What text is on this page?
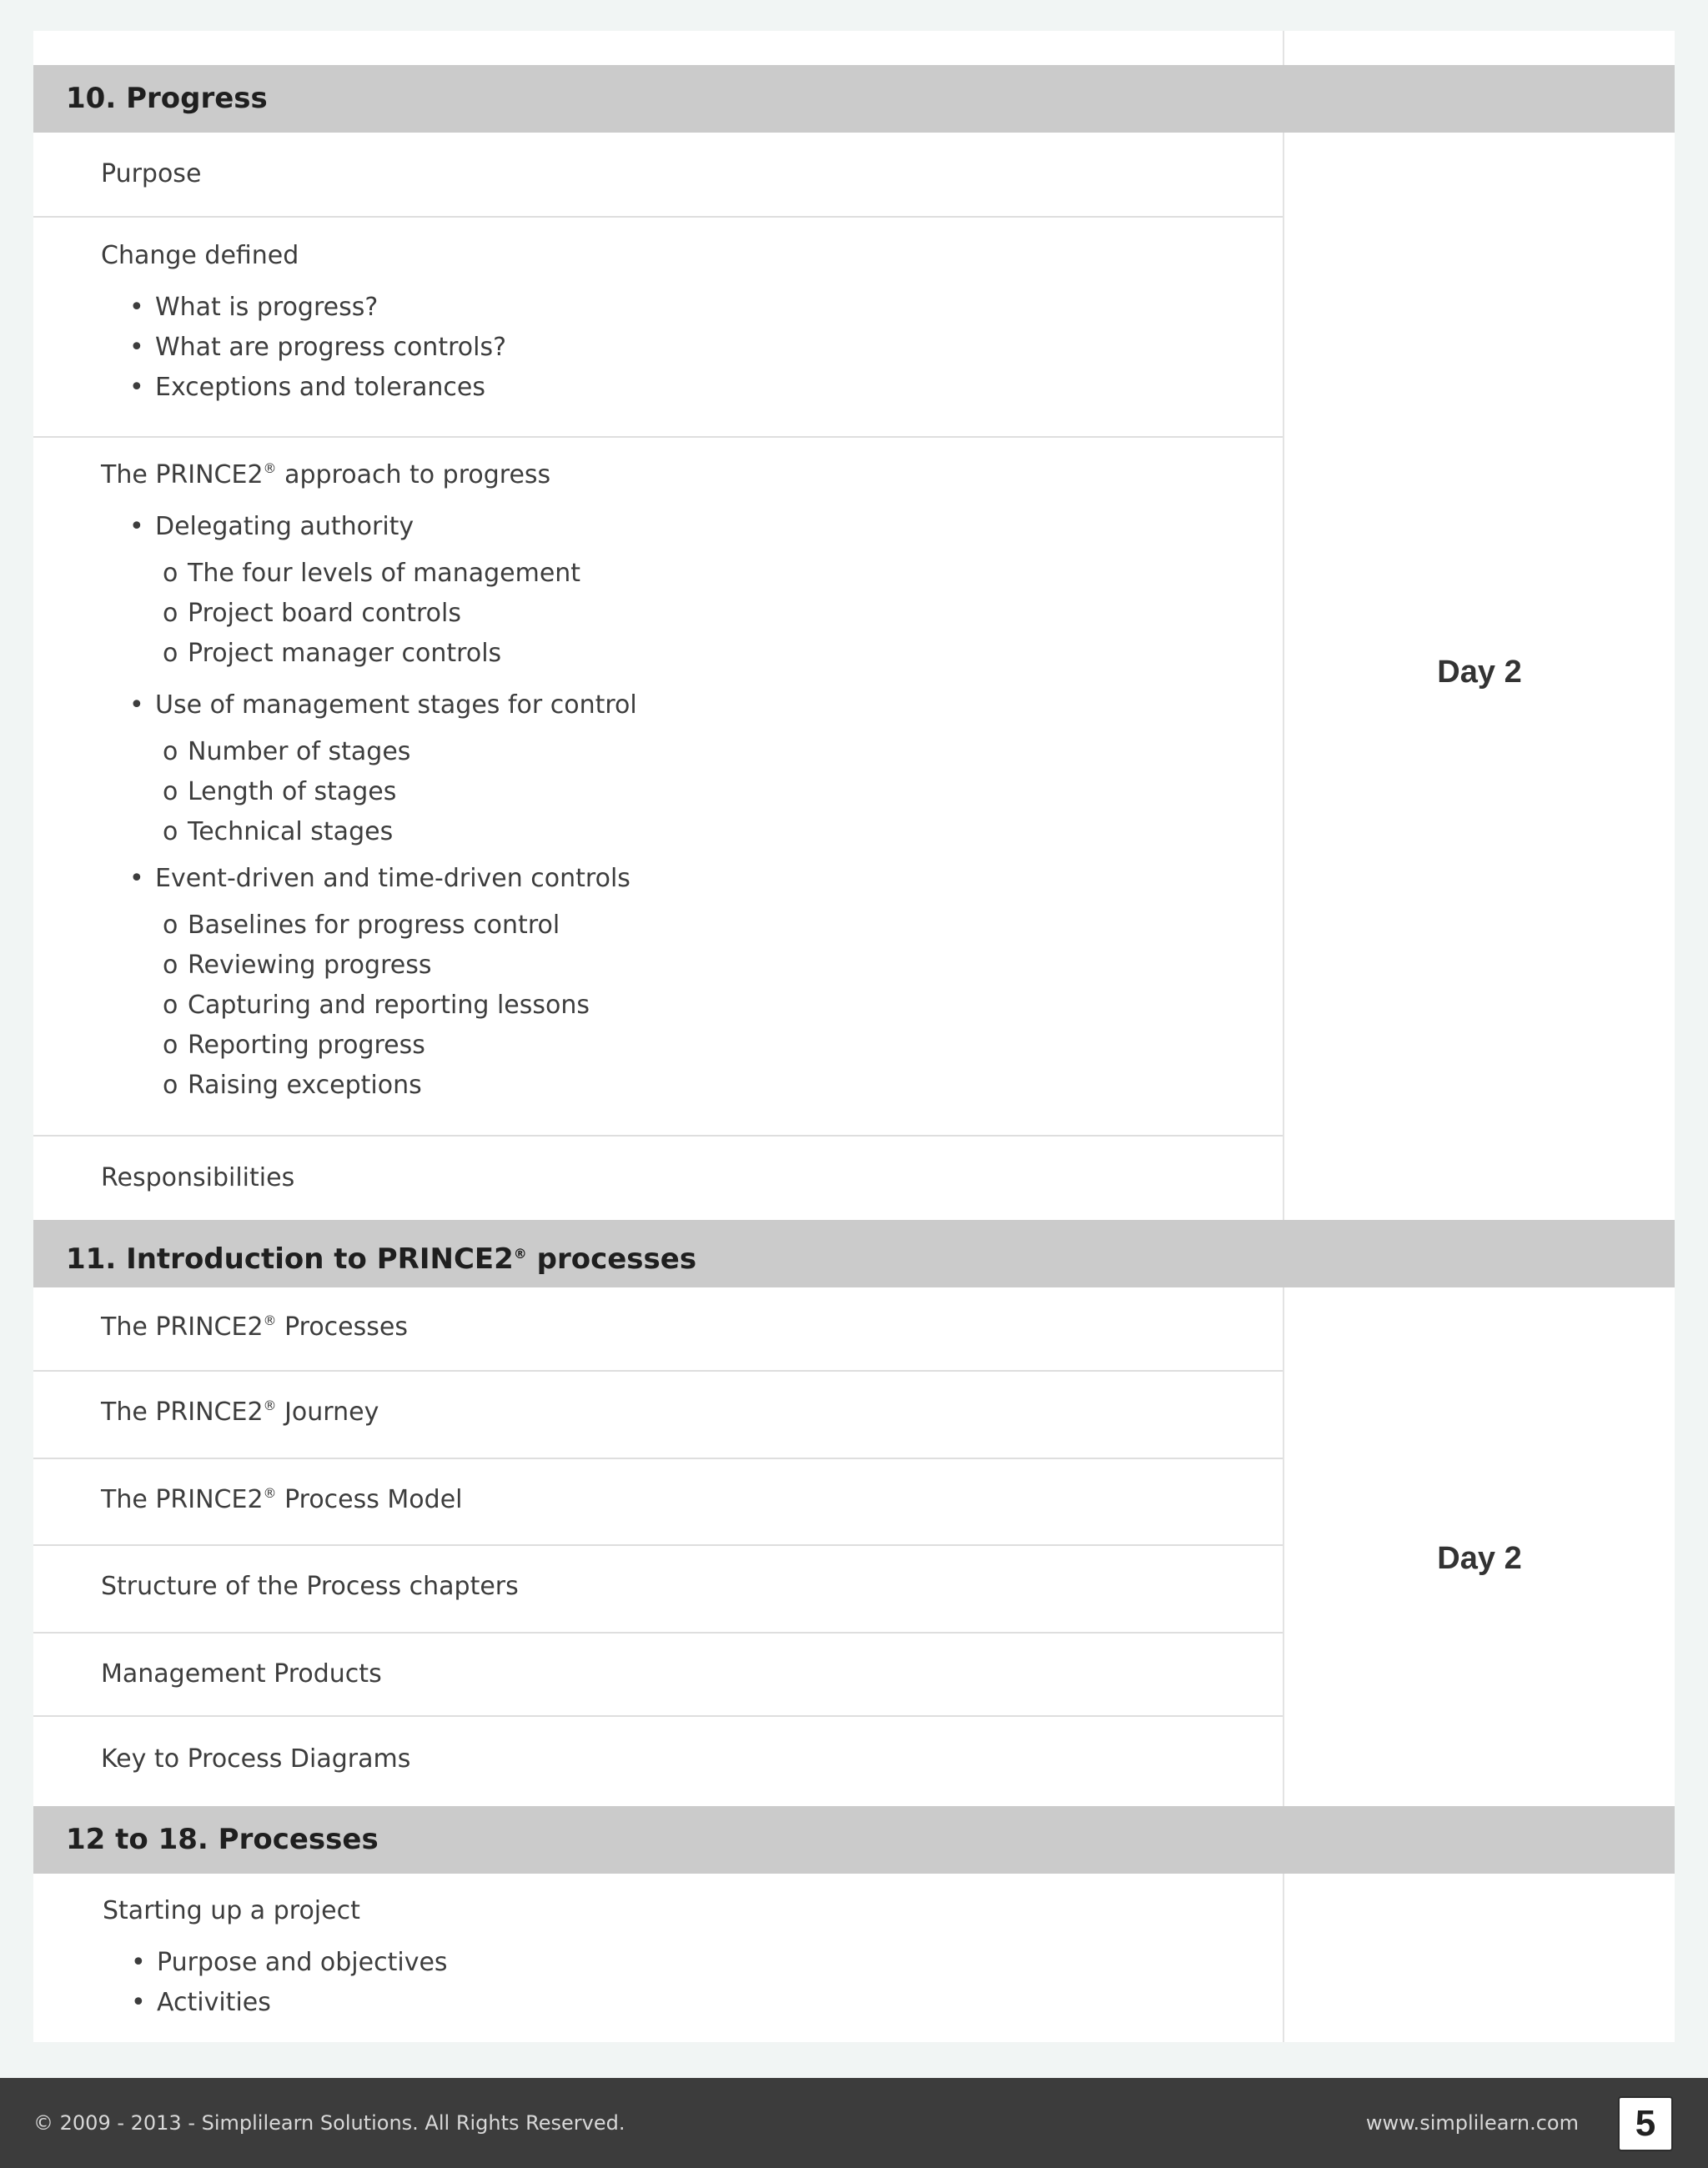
10. Progress
Purpose
Change defined
• What is progress?
• What are progress controls?
• Exceptions and tolerances
The PRINCE2® approach to progress
• Delegating authority
o The four levels of management
o Project board controls
o Project manager controls
• Use of management stages for control
o Number of stages
o Length of stages
o Technical stages
• Event-driven and time-driven controls
o Baselines for progress control
o Reviewing progress
o Capturing and reporting lessons
o Reporting progress
o Raising exceptions
Responsibilities
Day 2
11. Introduction to PRINCE2® processes
The PRINCE2® Processes
The PRINCE2® Journey
The PRINCE2® Process Model
Structure of the Process chapters
Management Products
Key to Process Diagrams
Day 2
12 to 18. Processes
Starting up a project
• Purpose and objectives
• Activities
© 2009 - 2013 - Simplilearn Solutions. All Rights Reserved.	www.simplilearn.com	5
